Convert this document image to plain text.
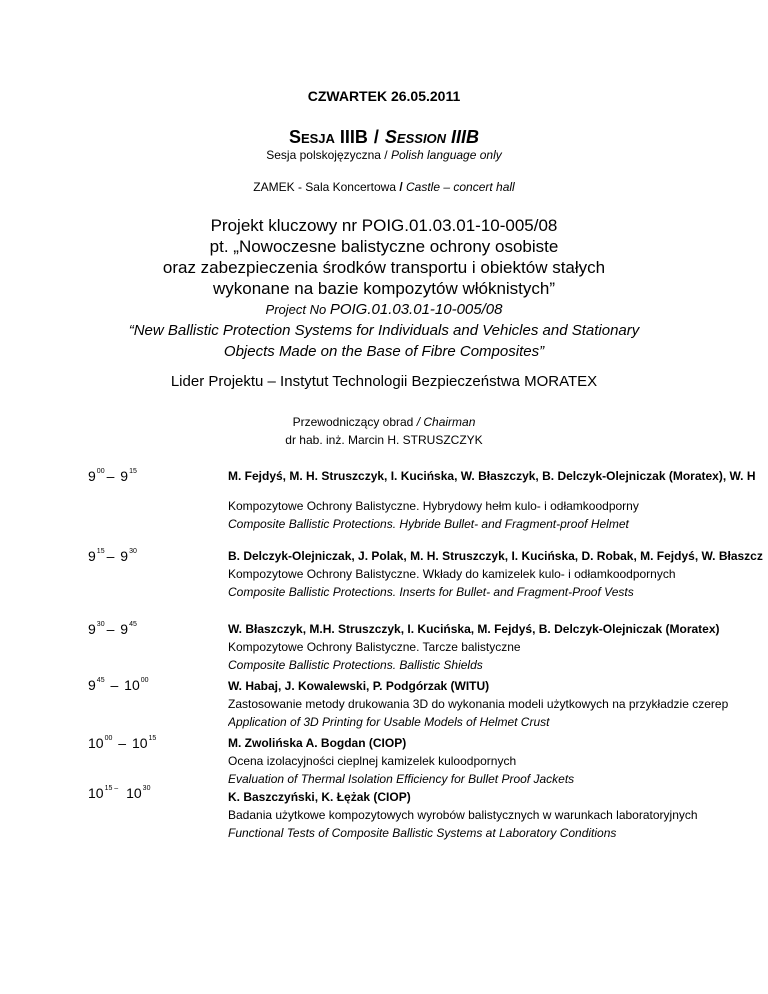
CZWARTEK 26.05.2011
Sesja IIIB / Session IIIB
Sesja polskojęzyczna / Polish language only
ZAMEK - Sala Koncertowa / Castle – concert hall
Projekt kluczowy nr POIG.01.03.01-10-005/08
pt. „Nowoczesne balistyczne ochrony osobiste
oraz zabezpieczenia środków transportu i obiektów stałych
wykonane na bazie kompozytów włóknistych”
Project No POIG.01.03.01-10-005/08
“New Ballistic Protection Systems for Individuals and Vehicles and Stationary
Objects Made on the Base of Fibre Composites”
Lider Projektu – Instytut Technologii Bezpieczeństwa MORATEX
Przewodniczący obrad / Chairman
dr hab. inż. Marcin H. STRUSZCZYK
$9^{00} - 9^{15}$
$9^{15} - 9^{30}$
$9^{30} - 9^{45}$
$9^{45} - 10^{00}$
$10^{00} - 10^{15}$
$10^{15 -}$ $10^{30}$
M. Fejdyś, M. H. Struszczyk, I. Kucińska, W. Błaszczyk, B. Delczyk-Olejniczak (Moratex), W. H
Kompozytowe Ochrony Balistyczne. Hybrydowy hełm kulo- i odłamkoodporny
Composite Ballistic Protections. Hybride Bullet- and Fragment-proof Helmet
B. Delczyk-Olejniczak, J. Polak, M. H. Struszczyk, I. Kucińska, D. Robak, M. Fejdyś, W. Błaszcz
Kompozytowe Ochrony Balistyczne. Wkłady do kamizelek kulo- i odłamkoodpornych
Composite Ballistic Protections. Inserts for Bullet- and Fragment-Proof Vests
W. Błaszczyk, M.H. Struszczyk, I. Kucińska, M. Fejdyś, B. Delczyk-Olejniczak (Moratex)
Kompozytowe Ochrony Balistyczne. Tarcze balistyczne
Composite Ballistic Protections. Ballistic Shields
W. Habaj, J. Kowalewski, P. Podgórzak (WITU)
Zastosowanie metody drukowania 3D do wykonania modeli użytkowych na przykładzie czerep
Application of 3D Printing for Usable Models of Helmet Crust
M. Zwolińska A. Bogdan (CIOP)
Ocena izolacyjności cieplnej kamizelek kuloodpornych
Evaluation of Thermal Isolation Efficiency for Bullet Proof Jackets
K. Baszczyński, K. Łężak (CIOP)
Badania użytkowe kompozytowych wyrobów balistycznych w warunkach laboratoryjnych
Functional Tests of Composite Ballistic Systems at Laboratory Conditions
